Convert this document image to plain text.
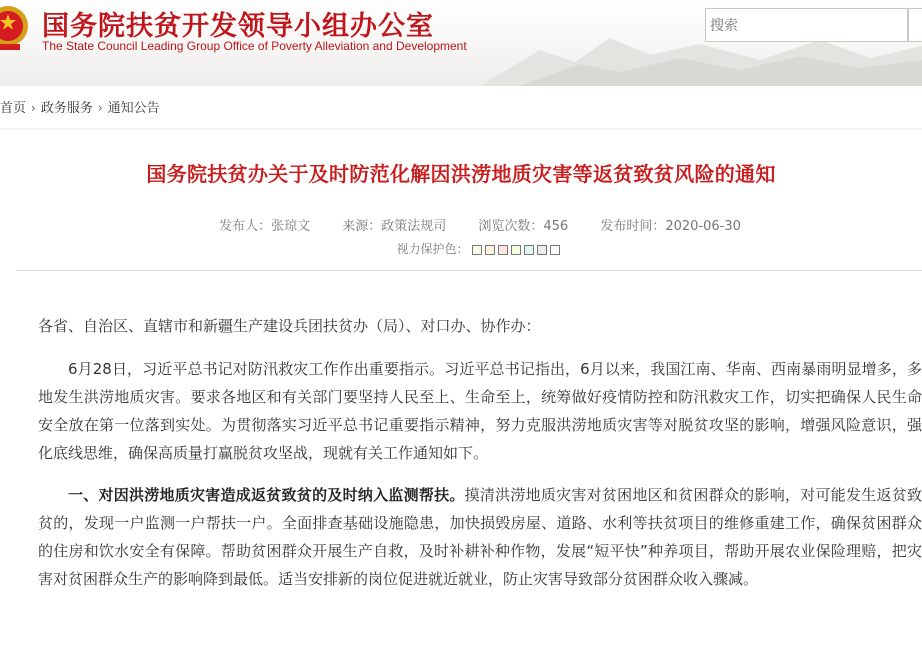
国务院扶贫开发领导小组办公室
The State Council Leading Group Office of Poverty Alleviation and Development
搜索
首页 › 政务服务 › 通知公告
国务院扶贫办关于及时防范化解因洪涝地质灾害等返贫致贫风险的通知
发布人：张琼文 来源：政策法规司 浏览次数：456 发布时间：2020-06-30
视力保护色：

各省、自治区、直辖市和新疆生产建设兵团扶贫办（局）、对口办、协作办：

6月28日，习近平总书记对防汛救灾工作作出重要指示。习近平总书记指出，6月以来，我国江南、华南、西南暴雨明显增多，多地发生洪涝地质灾害。要求各地区和有关部门要坚持人民至上、生命至上，统筹做好疫情防控和防汛救灾工作，切实把确保人民生命安全放在第一位落到实处。为贯彻落实习近平总书记重要指示精神，努力克服洪涝地质灾害等对脱贫攻坚的影响，增强风险意识，强化底线思维，确保高质量打赢脱贫攻坚战，现就有关工作通知如下。

一、对因洪涝地质灾害造成返贫致贫的及时纳入监测帮扶。摸清洪涝地质灾害对贫困地区和贫困群众的影响，对可能发生返贫致贫的，发现一户监测一户帮扶一户。全面排查基础设施隐患，加快损毁房屋、道路、水利等扶贫项目的维修重建工作，确保贫困群众的住房和饮水安全有保障。帮助贫困群众开展生产自救，及时补耕补种作物，发展“短平快”种养项目，帮助开展农业保险理赔，把灾害对贫困群众生产的影响降到最低。适当安排新的岗位促进就近就业，防止灾害导致部分贫困群众收入骤减。
